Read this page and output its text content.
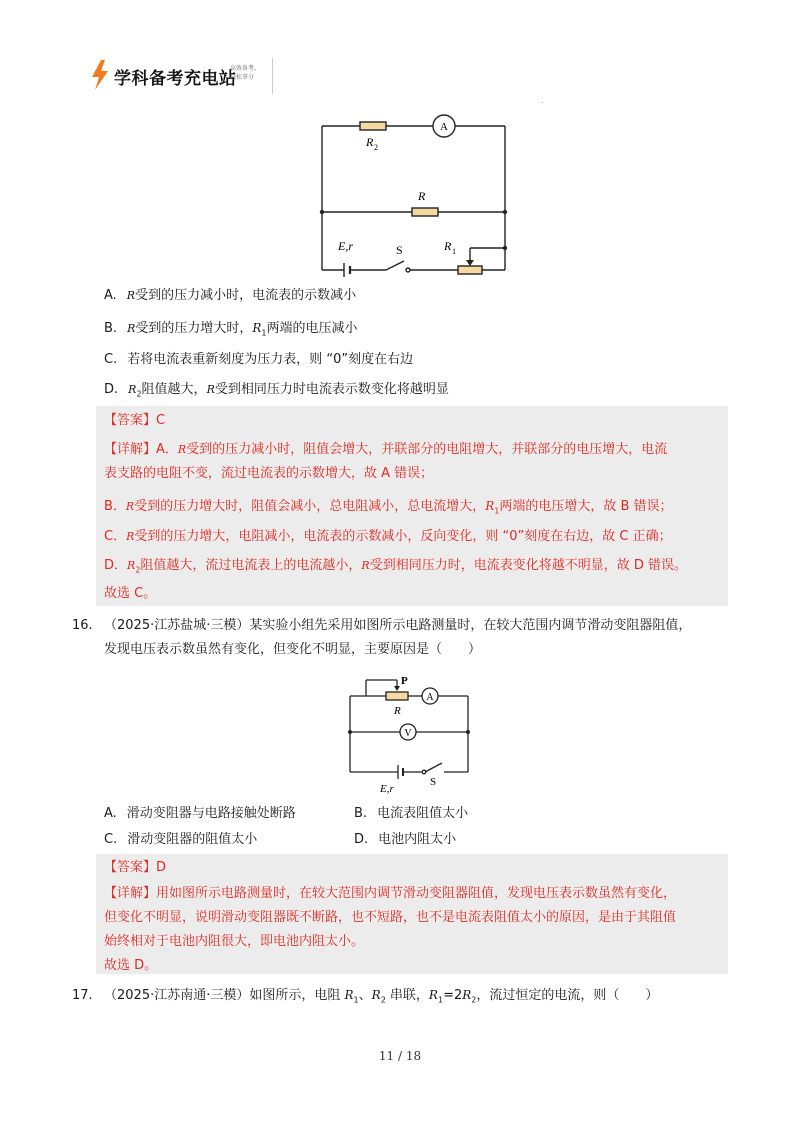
学科备考充电站
高效备考，
轻松拿分
.
A
R 2
R
E,r	S	R 1
A. R受到的压力减小时，电流表的示数减小
B. R受到的压力增大时，$R_1$两端的电压减小
C. 若将电流表重新刻度为压力表，则 “0”刻度在右边
D. $R_2$阻值越大，R受到相同压力时电流表示数变化将越明显
【答案】C
【详解】A．R受到的压力减小时，阻值会增大，并联部分的电阻增大，并联部分的电压增大，电流
表支路的电阻不变，流过电流表的示数增大，故 A 错误；
B．R受到的压力增大时，阻值会减小，总电阻减小，总电流增大，$R_1$两端的电压增大，故 B 错误；
C．R受到的压力增大，电阻减小，电流表的示数减小，反向变化，则 “0”刻度在右边，故 C 正确；
D．$R_2$阻值越大，流过电流表上的电流越小，R受到相同压力时，电流表变化将越不明显，故 D 错误。
故选 C。
16. （2025·江苏盐城·三模）某实验小组先采用如图所示电路测量时，在较大范围内调节滑动变阻器阻值，
发现电压表示数虽然有变化，但变化不明显，主要原因是（　　）
P
R
A
V
E,r
S
A. 滑动变阻器与电路接触处断路	B. 电流表阻值太小
C. 滑动变阻器的阻值太小	D. 电池内阻太小
【答案】D
【详解】用如图所示电路测量时，在较大范围内调节滑动变阻器阻值，发现电压表示数虽然有变化，
但变化不明显，说明滑动变阻器既不断路，也不短路，也不是电流表阻值太小的原因，是由于其阻值
始终相对于电池内阻很大，即电池内阻太小。
故选 D。
17. （2025·江苏南通·三模）如图所示，电阻 $R_1$、$R_2$ 串联，$R_1=2R_2$，流过恒定的电流，则（　　）
11 / 18
